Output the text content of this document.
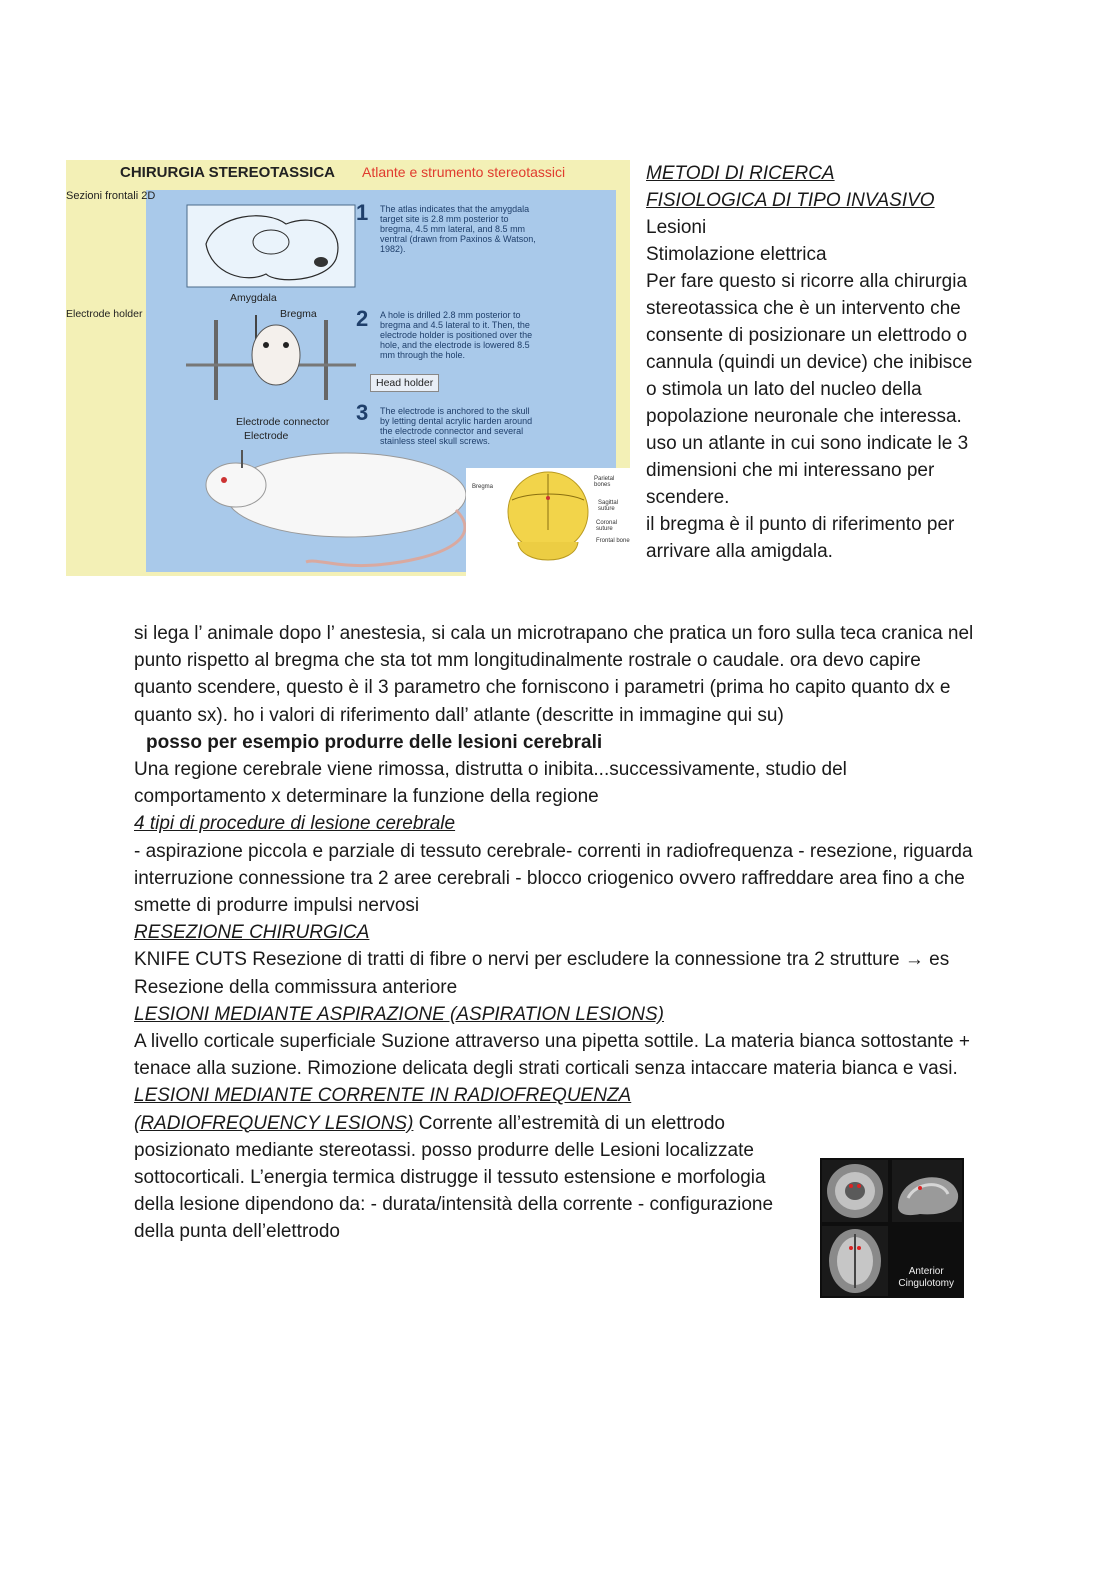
CHIRURGIA STEREOTASSICA Atlante e strumento stereotassici
Sezioni frontali 2D
Amygdala
Electrode holder	Bregma
Head holder
Electrode connector
Electrode
1 The atlas indicates that the amygdala target site is 2.8 mm posterior to bregma, 4.5 mm lateral, and 8.5 mm ventral (drawn from Paxinos & Watson, 1982).
2 A hole is drilled 2.8 mm posterior to bregma and 4.5 lateral to it. Then, the electrode holder is positioned over the hole, and the electrode is lowered 8.5 mm through the hole.
3 The electrode is anchored to the skull by letting dental acrylic harden around the electrode connector and several stainless steel skull screws.
Bregma
Parietal bones
Sagittal suture
Coronal suture
Frontal bone
METODI DI RICERCA
FISIOLOGICA DI TIPO INVASIVO
Lesioni
Stimolazione elettrica
Per fare questo si ricorre alla chirurgia stereotassica che è un intervento che consente di posizionare un elettrodo o cannula (quindi un device) che inibisce o stimola un lato del nucleo della popolazione neuronale che interessa. uso un atlante in cui sono indicate le 3 dimensioni che mi interessano per scendere.
il bregma è il punto di riferimento per arrivare alla amigdala.

si lega l’ animale dopo l’ anestesia, si cala un microtrapano che pratica un foro sulla teca cranica nel punto rispetto al bregma che sta tot mm longitudinalmente rostrale o caudale. ora devo capire quanto scendere, questo è il 3 parametro che forniscono i parametri (prima ho capito quanto dx e quanto sx). ho i valori di riferimento dall’ atlante (descritte in immagine qui su)

posso per esempio produrre delle lesioni cerebrali

Una regione cerebrale viene rimossa, distrutta o inibita...successivamente, studio del comportamento x determinare la funzione della regione

4 tipi di procedure di lesione cerebrale

- aspirazione piccola e parziale di tessuto cerebrale- correnti in radiofrequenza - resezione, riguarda interruzione connessione tra 2 aree cerebrali - blocco criogenico ovvero raffreddare area fino a che smette di produrre impulsi nervosi

RESEZIONE CHIRURGICA

KNIFE CUTS Resezione di tratti di fibre o nervi per escludere la connessione tra 2 strutture → es Resezione della commissura anteriore

LESIONI MEDIANTE ASPIRAZIONE (ASPIRATION LESIONS)

A livello corticale superficiale Suzione attraverso una pipetta sottile. La materia bianca sottostante + tenace alla suzione. Rimozione delicata degli strati corticali senza intaccare materia bianca e vasi.

LESIONI MEDIANTE CORRENTE IN RADIOFREQUENZA

(RADIOFREQUENCY LESIONS) Corrente all’estremità di un elettrodo posizionato mediante stereotassi. posso produrre delle Lesioni localizzate sottocorticali. L’energia termica distrugge il tessuto estensione e morfologia della lesione dipendono da: - durata/intensità della corrente - configurazione della punta dell’elettrodo

Anterior
Cingulotomy
